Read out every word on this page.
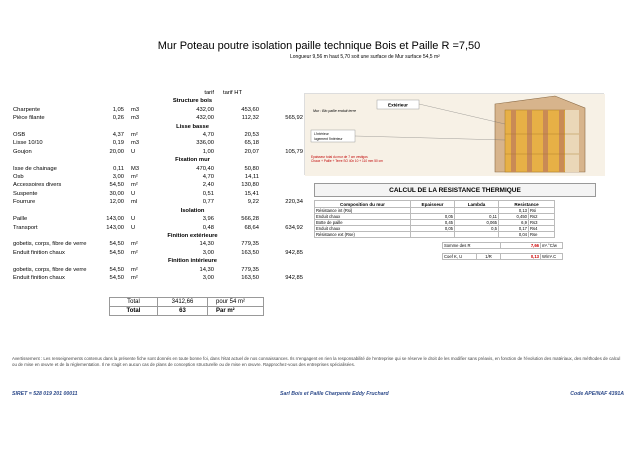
Mur Poteau poutre isolation paille technique Bois et Paille R =7,50
Longueur 9,56 m haut 5,70 soit une surface de Mur surface 54,5 m²
			tarif	tarif HT	
		Structure bois			
Charpente	1,05	m3	432,00	453,60	
Pièce filante	0,26	m3	432,00	112,32	565,92
		Lisse basse			
OSB	4,37	m²	4,70	20,53	
Lisse 10/10	0,19	m3	336,00	65,18	
Goujon	20,00	U	1,00	20,07	105,79
		Fixation mur			
Isse de chainage	0,11	M3	470,40	50,80	
Osb	3,00	m²	4,70	14,11	
Accessoires divers	54,50	m²	2,40	130,80	
Suspente	30,00	U	0,51	15,41	
Fourrure	12,00	ml	0,77	9,22	220,34
		Isolation			
Paille	143,00	U	3,96	566,28	
Transport	143,00	U	0,48	68,64	634,92
		Finition extérieure			
gobetis, corps, fibre de verre	54,50	m²	14,30	779,35	
Enduit finition chaux	54,50	m²	3,00	163,50	942,85
		Finition intérieure			
gobetis, corps, fibre de verre	54,50	m²	14,30	779,35	
Enduit finition chaux	54,50	m²	3,00	163,50	942,85
Total	3412,66	pour 54 m²
Total	63	Par m²
Extérieur
Mur : Bio paille enduit terre
L'intérieur
lugement l'intérieur
Epaisseur total du mur de 7 cm vestigos Chaux + Paille + Terre SO 40x 10 + 110 mm 50 cm
CALCUL DE LA RESISTANCE THERMIQUE
Composition du mur	Epaisseur	Lambda	Resistance	
Résistance int (Rsi)			0,13	Rsi
Enduit chaux	0,05	0,11	0,450	Rs2
Botte de paille	0,45	0,065	6,9	Rs3
Enduit chaux	0,05	0,5	0,17	Rs4
Résistance ext (Rse)			0,04	Rse
Somme des R	7,66	m².°C/w
Coef K, U	1/R	0,13	W/m².C
Avertissement : Les renseignements contenus dans la présente fiche sont donnés en toute bonne foi, dans l'état actuel de nos connaissances. Ils n'engagent en rien la responsabilité de l'entreprise qui se réserve le droit de les modifier sans préavis, en fonction de l'évolution des matériaux, des méthodes de calcul ou de mise en œuvre et de la réglementation. Il ne s'agit en aucun cas de plans de conception structurelle ou de mise en œuvre. Rapprochez-vous des entreprises spécialisées.
SIRET = 528 019 201 00011	Sarl Bois et Paille Charpente Eddy Fruchard	Code APE/NAF 4391A
